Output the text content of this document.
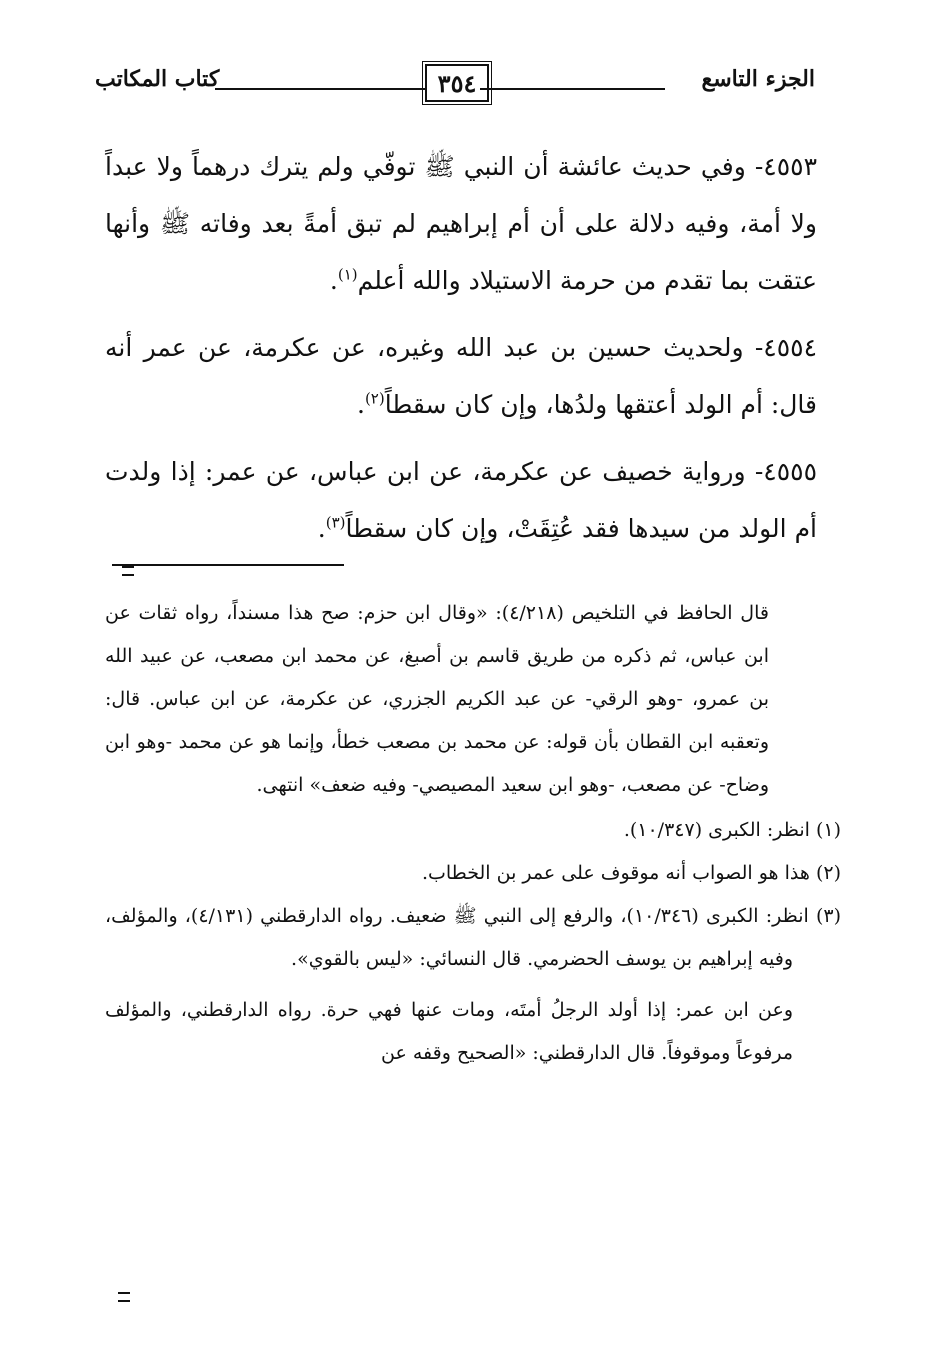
الجزء التاسع
٣٥٤
كتاب المكاتب

٤٥٥٣- وفي حديث عائشة أن النبي ﷺ توفّي ولم يترك درهماً ولا عبداً ولا أمة، وفيه دلالة على أن أم إبراهيم لم تبق أمةً بعد وفاته ﷺ وأنها عتقت بما تقدم من حرمة الاستيلاد والله أعلم$^{(١)}$.

٤٥٥٤- ولحديث حسين بن عبد الله وغيره، عن عكرمة، عن عمر أنه قال: أم الولد أعتقها ولدُها، وإن كان سقطاً$^{(٢)}$.

٤٥٥٥- ورواية خصيف عن عكرمة، عن ابن عباس، عن عمر: إذا ولدت أم الولد من سيدها فقد عُتِقَتْ، وإن كان سقطاً$^{(٣)}$.

قال الحافظ في التلخيص (٤/٢١٨): «وقال ابن حزم: صح هذا مسنداً، رواه ثقات عن ابن عباس، ثم ذكره من طريق قاسم بن أصبغ، عن محمد ابن مصعب، عن عبيد الله بن عمرو، -وهو الرقي- عن عبد الكريم الجزري، عن عكرمة، عن ابن عباس. قال: وتعقبه ابن القطان بأن قوله: عن محمد بن مصعب خطأ، وإنما هو عن محمد -وهو ابن وضاح- عن مصعب، -وهو ابن سعيد المصيصي- وفيه ضعف» انتهى.

(١) انظر: الكبرى (١٠/٣٤٧).

(٢) هذا هو الصواب أنه موقوف على عمر بن الخطاب.

(٣) انظر: الكبرى (١٠/٣٤٦)، والرفع إلى النبي ﷺ ضعيف. رواه الدارقطني (٤/١٣١)، والمؤلف، وفيه إبراهيم بن يوسف الحضرمي. قال النسائي: «ليس بالقوي».

وعن ابن عمر: إذا أولد الرجلُ أمتَه، ومات عنها فهي حرة. رواه الدارقطني، والمؤلف مرفوعاً وموقوفاً. قال الدارقطني: «الصحيح وقفه عن
